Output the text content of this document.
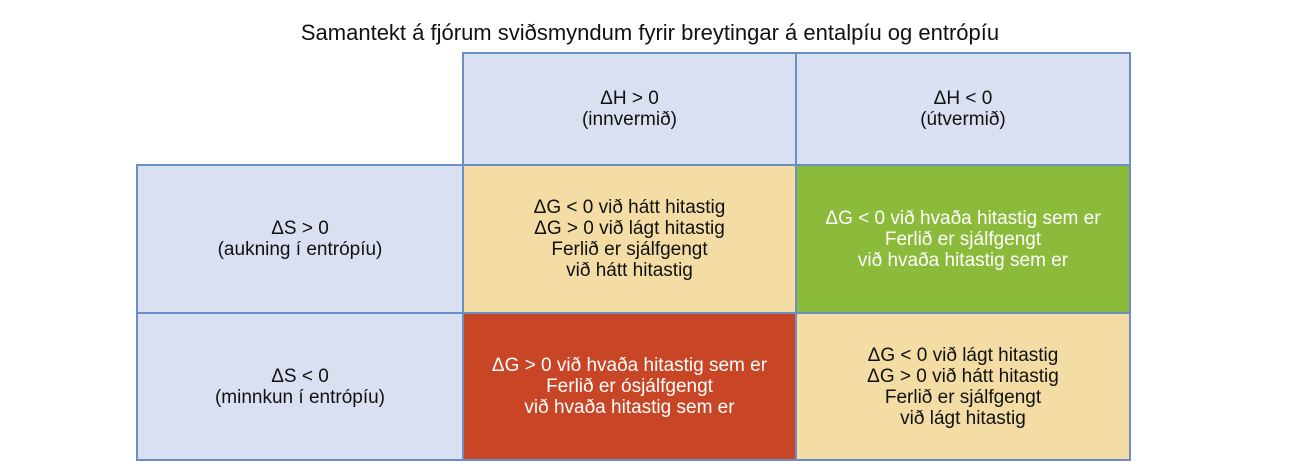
Samantekt á fjórum sviðsmyndum fyrir breytingar á entalpíu og entrópíu
ΔH > 0
(innvermið)
ΔH < 0
(útvermið)
ΔS > 0
(aukning í entrópíu)
ΔS < 0
(minnkun í entrópíu)
ΔG < 0 við hátt hitastig
ΔG > 0 við lágt hitastig
Ferlið er sjálfgengt
við hátt hitastig
ΔG < 0 við hvaða hitastig sem er
Ferlið er sjálfgengt
við hvaða hitastig sem er
ΔG > 0 við hvaða hitastig sem er
Ferlið er ósjálfgengt
við hvaða hitastig sem er
ΔG < 0 við lágt hitastig
ΔG > 0 við hátt hitastig
Ferlið er sjálfgengt
við lágt hitastig
